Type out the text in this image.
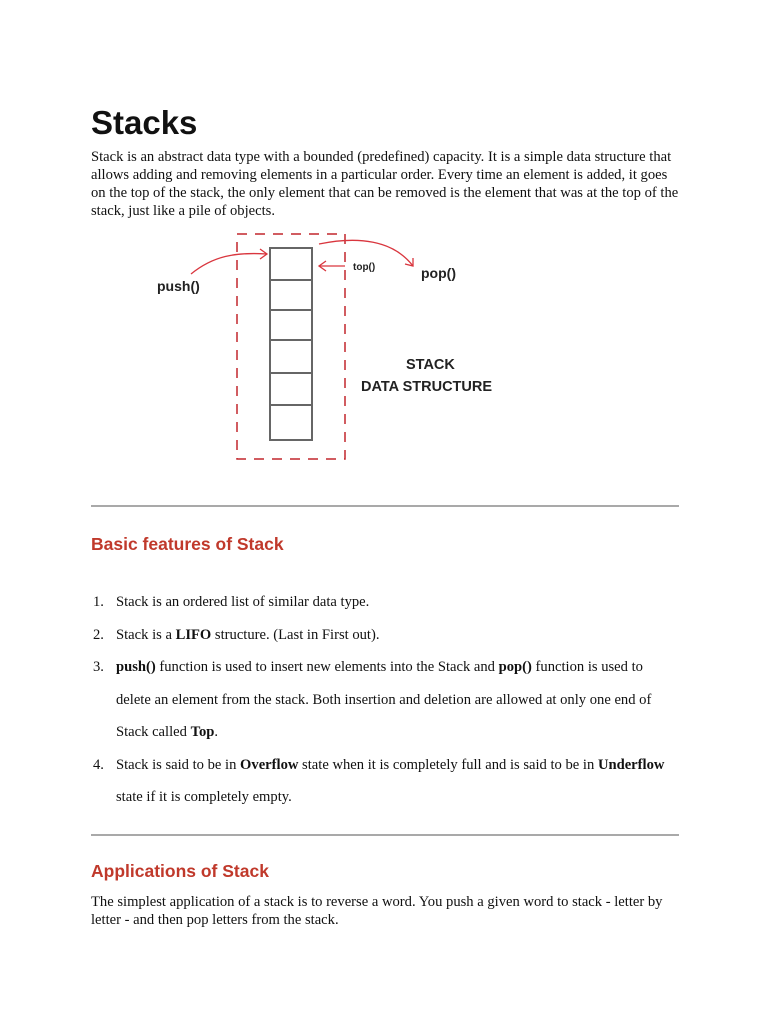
Stacks

Stack is an abstract data type with a bounded (predefined) capacity. It is a simple data structure that allows adding and removing elements in a particular order. Every time an element is added, it goes on the top of the stack, the only element that can be removed is the element that was at the top of the stack, just like a pile of objects.

push()
top()	pop()
STACK
DATA STRUCTURE
Basic features of Stack
1. Stack is an ordered list of similar data type.
2. Stack is a LIFO structure. (Last in First out).
3. push() function is used to insert new elements into the Stack and pop() function is used to delete an element from the stack. Both insertion and deletion are allowed at only one end of Stack called Top.
4. Stack is said to be in Overflow state when it is completely full and is said to be in Underflow state if it is completely empty.
Applications of Stack

The simplest application of a stack is to reverse a word. You push a given word to stack - letter by letter - and then pop letters from the stack.
